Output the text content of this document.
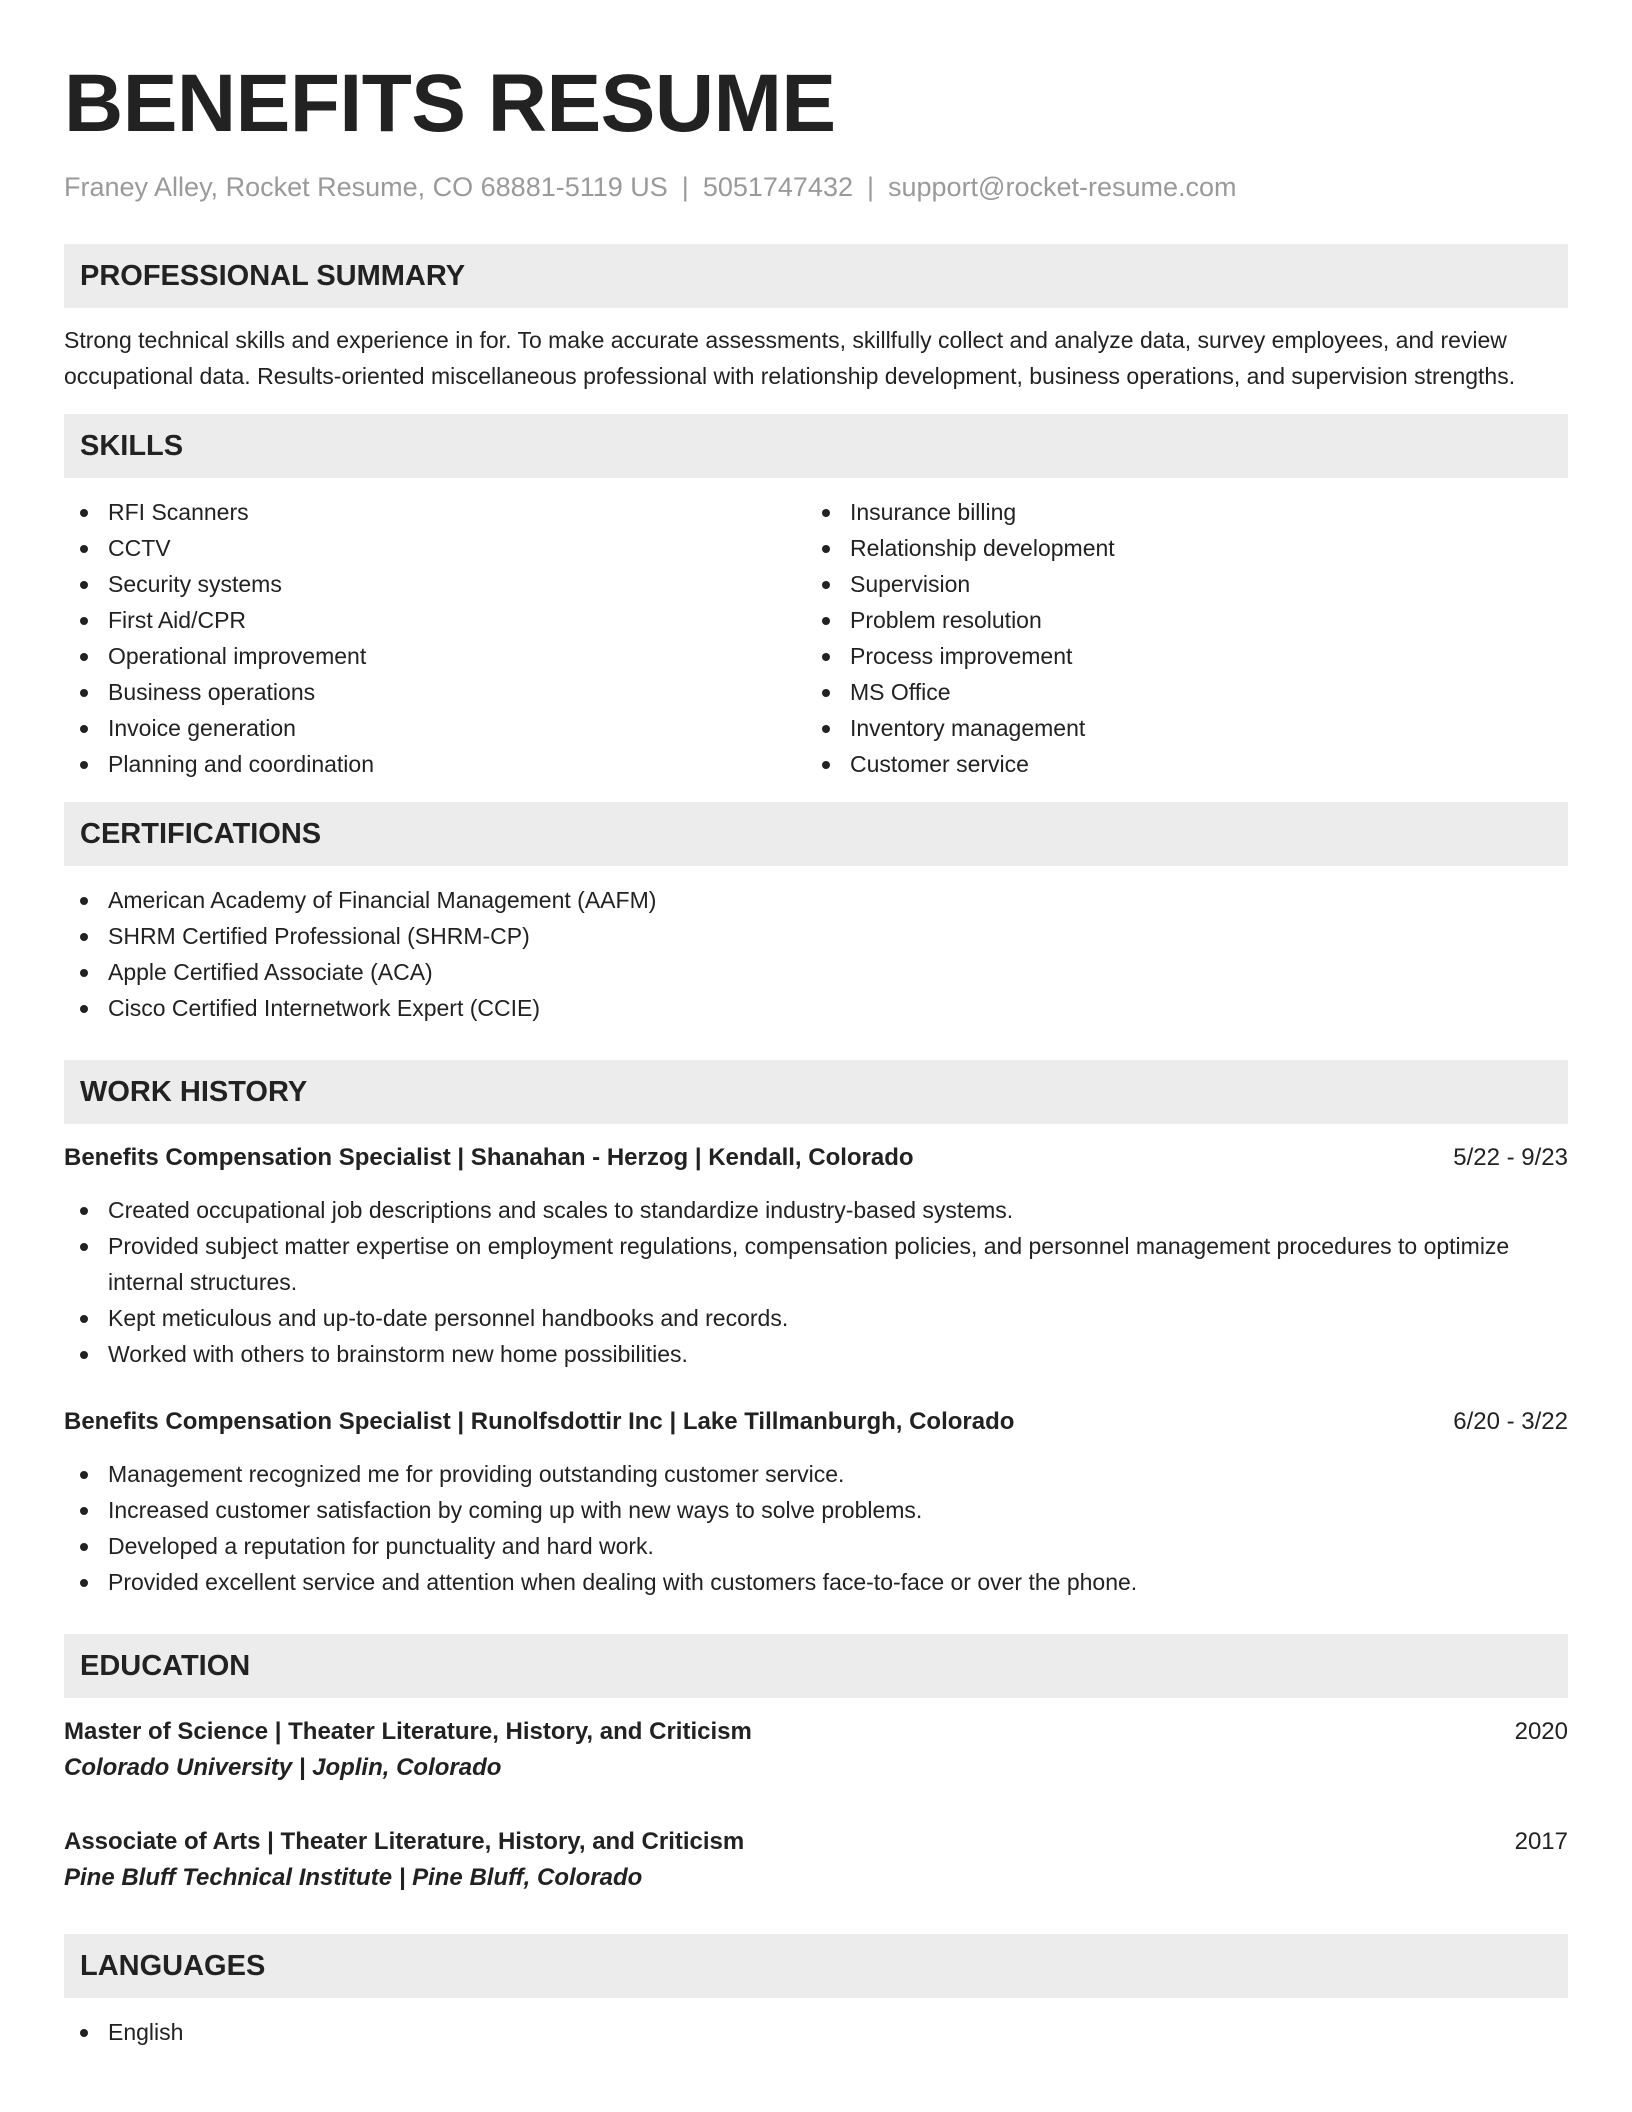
BENEFITS RESUME
Franey Alley, Rocket Resume, CO 68881-5119 US | 5051747432 | support@rocket-resume.com
PROFESSIONAL SUMMARY
Strong technical skills and experience in for. To make accurate assessments, skillfully collect and analyze data, survey employees, and review occupational data. Results-oriented miscellaneous professional with relationship development, business operations, and supervision strengths.
SKILLS
RFI Scanners
CCTV
Security systems
First Aid/CPR
Operational improvement
Business operations
Invoice generation
Planning and coordination
Insurance billing
Relationship development
Supervision
Problem resolution
Process improvement
MS Office
Inventory management
Customer service
CERTIFICATIONS
American Academy of Financial Management (AAFM)
SHRM Certified Professional (SHRM-CP)
Apple Certified Associate (ACA)
Cisco Certified Internetwork Expert (CCIE)
WORK HISTORY
Benefits Compensation Specialist | Shanahan - Herzog | Kendall, Colorado	5/22 - 9/23
Created occupational job descriptions and scales to standardize industry-based systems.
Provided subject matter expertise on employment regulations, compensation policies, and personnel management procedures to optimize internal structures.
Kept meticulous and up-to-date personnel handbooks and records.
Worked with others to brainstorm new home possibilities.
Benefits Compensation Specialist | Runolfsdottir Inc | Lake Tillmanburgh, Colorado	6/20 - 3/22
Management recognized me for providing outstanding customer service.
Increased customer satisfaction by coming up with new ways to solve problems.
Developed a reputation for punctuality and hard work.
Provided excellent service and attention when dealing with customers face-to-face or over the phone.
EDUCATION
Master of Science | Theater Literature, History, and Criticism	2020
Colorado University | Joplin, Colorado
Associate of Arts | Theater Literature, History, and Criticism	2017
Pine Bluff Technical Institute | Pine Bluff, Colorado
LANGUAGES
English
